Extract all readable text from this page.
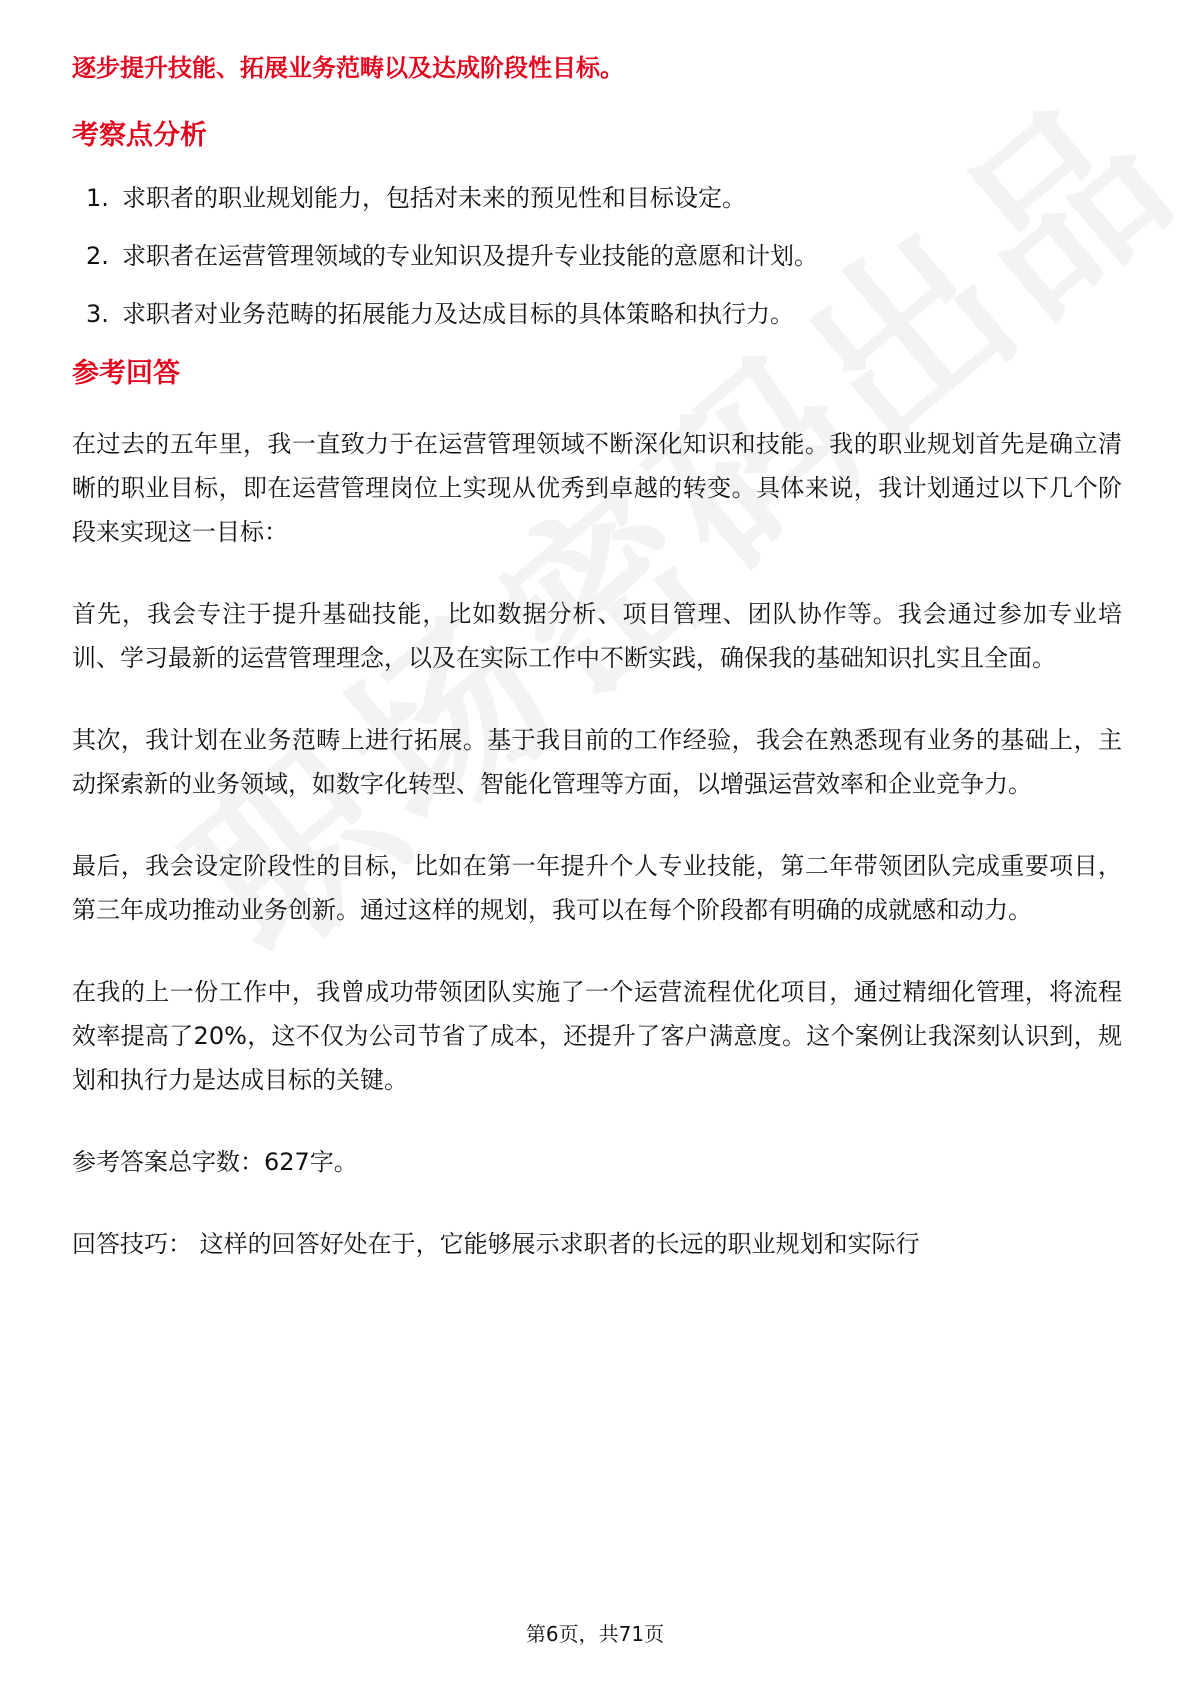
逐步提升技能、拓展业务范畴以及达成阶段性目标。

考察点分析
1. 求职者的职业规划能力，包括对未来的预见性和目标设定。
2. 求职者在运营管理领域的专业知识及提升专业技能的意愿和计划。
3. 求职者对业务范畴的拓展能力及达成目标的具体策略和执行力。
参考回答

在过去的五年里，我一直致力于在运营管理领域不断深化知识和技能。我的职业规划首先是确立清晰的职业目标，即在运营管理岗位上实现从优秀到卓越的转变。具体来说，我计划通过以下几个阶段来实现这一目标：

首先，我会专注于提升基础技能，比如数据分析、项目管理、团队协作等。我会通过参加专业培训、学习最新的运营管理理念，以及在实际工作中不断实践，确保我的基础知识扎实且全面。

其次，我计划在业务范畴上进行拓展。基于我目前的工作经验，我会在熟悉现有业务的基础上，主动探索新的业务领域，如数字化转型、智能化管理等方面，以增强运营效率和企业竞争力。

最后，我会设定阶段性的目标，比如在第一年提升个人专业技能，第二年带领团队完成重要项目，第三年成功推动业务创新。通过这样的规划，我可以在每个阶段都有明确的成就感和动力。

在我的上一份工作中，我曾成功带领团队实施了一个运营流程优化项目，通过精细化管理，将流程效率提高了20%，这不仅为公司节省了成本，还提升了客户满意度。这个案例让我深刻认识到，规划和执行力是达成目标的关键。

参考答案总字数：627字。

回答技巧： 这样的回答好处在于，它能够展示求职者的长远的职业规划和实际行

第6页，共71页
